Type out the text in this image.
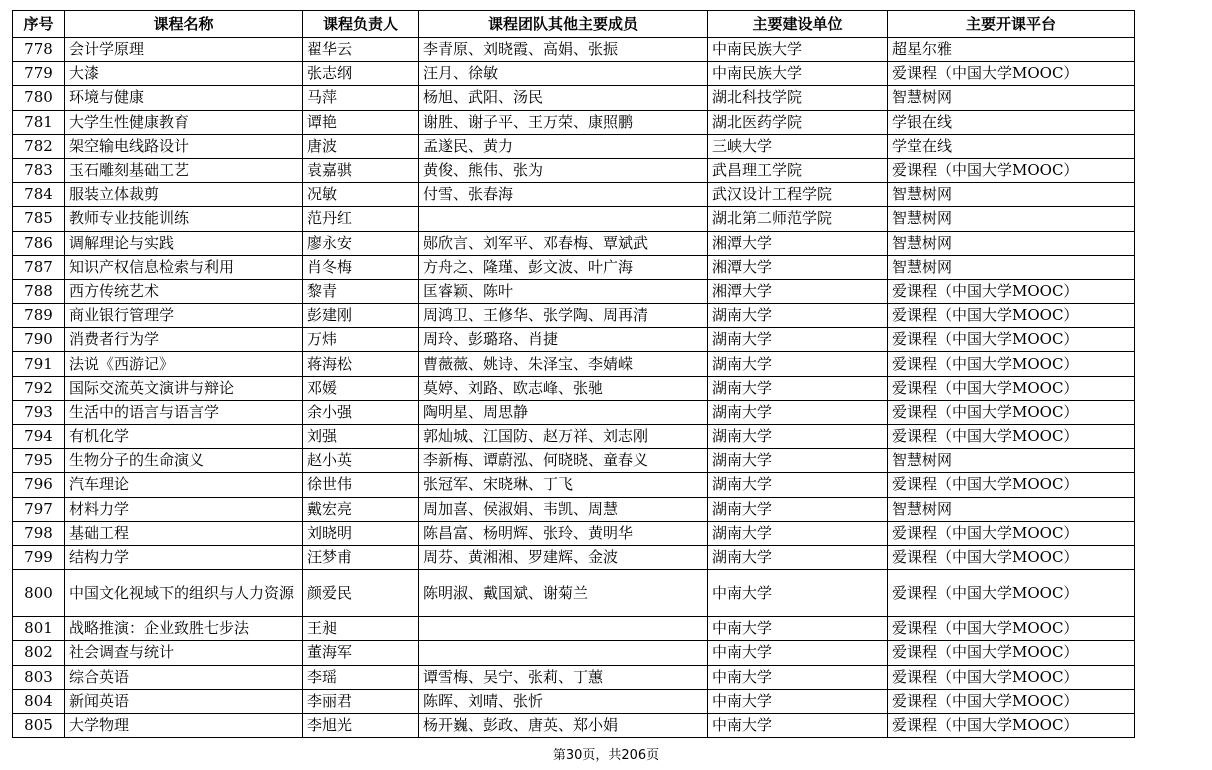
序号	课程名称	课程负责人	课程团队其他主要成员	主要建设单位	主要开课平台
778	会计学原理	翟华云	李青原、刘晓霞、高娟、张振	中南民族大学	超星尔雅
779	大漆	张志纲	汪月、徐敏	中南民族大学	爱课程（中国大学MOOC）
780	环境与健康	马萍	杨旭、武阳、汤民	湖北科技学院	智慧树网
781	大学生性健康教育	谭艳	谢胜、谢子平、王万荣、康照鹏	湖北医药学院	学银在线
782	架空输电线路设计	唐波	孟遂民、黄力	三峡大学	学堂在线
783	玉石雕刻基础工艺	袁嘉骐	黄俊、熊伟、张为	武昌理工学院	爱课程（中国大学MOOC）
784	服装立体裁剪	况敏	付雪、张春海	武汉设计工程学院	智慧树网
785	教师专业技能训练	范丹红		湖北第二师范学院	智慧树网
786	调解理论与实践	廖永安	郧欣言、刘军平、邓春梅、覃斌武	湘潭大学	智慧树网
787	知识产权信息检索与利用	肖冬梅	方舟之、隆瑾、彭文波、叶广海	湘潭大学	智慧树网
788	西方传统艺术	黎青	匡睿颖、陈叶	湘潭大学	爱课程（中国大学MOOC）
789	商业银行管理学	彭建刚	周鸿卫、王修华、张学陶、周再清	湖南大学	爱课程（中国大学MOOC）
790	消费者行为学	万炜	周玲、彭璐珞、肖捷	湖南大学	爱课程（中国大学MOOC）
791	法说《西游记》	蒋海松	曹薇薇、姚诗、朱泽宝、李婧嵘	湖南大学	爱课程（中国大学MOOC）
792	国际交流英文演讲与辩论	邓媛	莫婷、刘路、欧志峰、张驰	湖南大学	爱课程（中国大学MOOC）
793	生活中的语言与语言学	余小强	陶明星、周思静	湖南大学	爱课程（中国大学MOOC）
794	有机化学	刘强	郭灿城、江国防、赵万祥、刘志刚	湖南大学	爱课程（中国大学MOOC）
795	生物分子的生命演义	赵小英	李新梅、谭蔚泓、何晓晓、童春义	湖南大学	智慧树网
796	汽车理论	徐世伟	张冠军、宋晓琳、丁飞	湖南大学	爱课程（中国大学MOOC）
797	材料力学	戴宏亮	周加喜、侯淑娟、韦凯、周慧	湖南大学	智慧树网
798	基础工程	刘晓明	陈昌富、杨明辉、张玲、黄明华	湖南大学	爱课程（中国大学MOOC）
799	结构力学	汪梦甫	周芬、黄湘湘、罗建辉、金波	湖南大学	爱课程（中国大学MOOC）
800	中国文化视域下的组织与人力资源	颜爱民	陈明淑、戴国斌、谢菊兰	中南大学	爱课程（中国大学MOOC）
801	战略推演：企业致胜七步法	王昶		中南大学	爱课程（中国大学MOOC）
802	社会调查与统计	董海军		中南大学	爱课程（中国大学MOOC）
803	综合英语	李瑶	谭雪梅、吴宁、张莉、丁蕙	中南大学	爱课程（中国大学MOOC）
804	新闻英语	李丽君	陈晖、刘晴、张忻	中南大学	爱课程（中国大学MOOC）
805	大学物理	李旭光	杨开巍、彭政、唐英、郑小娟	中南大学	爱课程（中国大学MOOC）
第30页，共206页
